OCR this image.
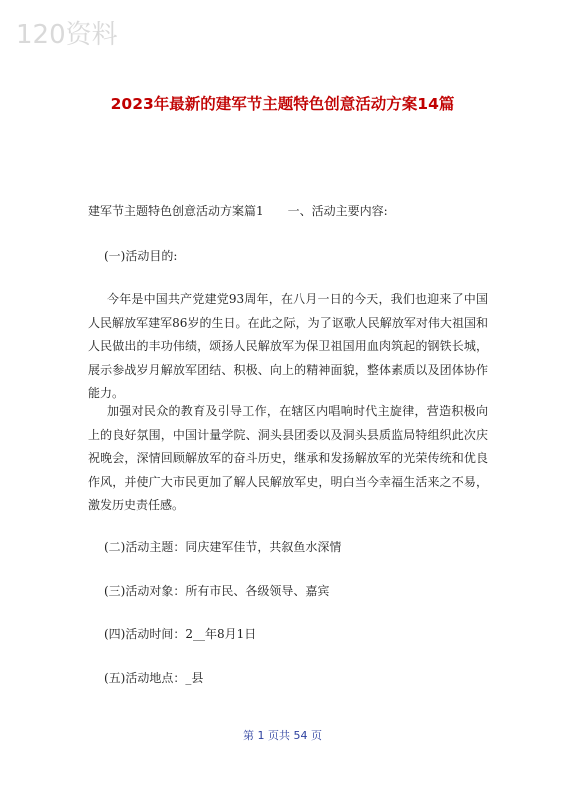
120资料
2023年最新的建军节主题特色创意活动方案14篇
建军节主题特色创意活动方案篇1　　一、活动主要内容:
(一)活动目的:
今年是中国共产党建党93周年，在八月一日的今天，我们也迎来了中国人民解放军建军86岁的生日。在此之际，为了讴歌人民解放军对伟大祖国和人民做出的丰功伟绩，颂扬人民解放军为保卫祖国用血肉筑起的钢铁长城，展示参战岁月解放军团结、积极、向上的精神面貌，整体素质以及团体协作能力。
加强对民众的教育及引导工作，在辖区内唱响时代主旋律，营造积极向上的良好氛围，中国计量学院、洞头县团委以及洞头县质监局特组织此次庆祝晚会，深情回顾解放军的奋斗历史，继承和发扬解放军的光荣传统和优良作风，并使广大市民更加了解人民解放军史，明白当今幸福生活来之不易，激发历史责任感。
(二)活动主题：同庆建军佳节，共叙鱼水深情
(三)活动对象：所有市民、各级领导、嘉宾
(四)活动时间：2__年8月1日
(五)活动地点：_县
第 1 页共 54 页
